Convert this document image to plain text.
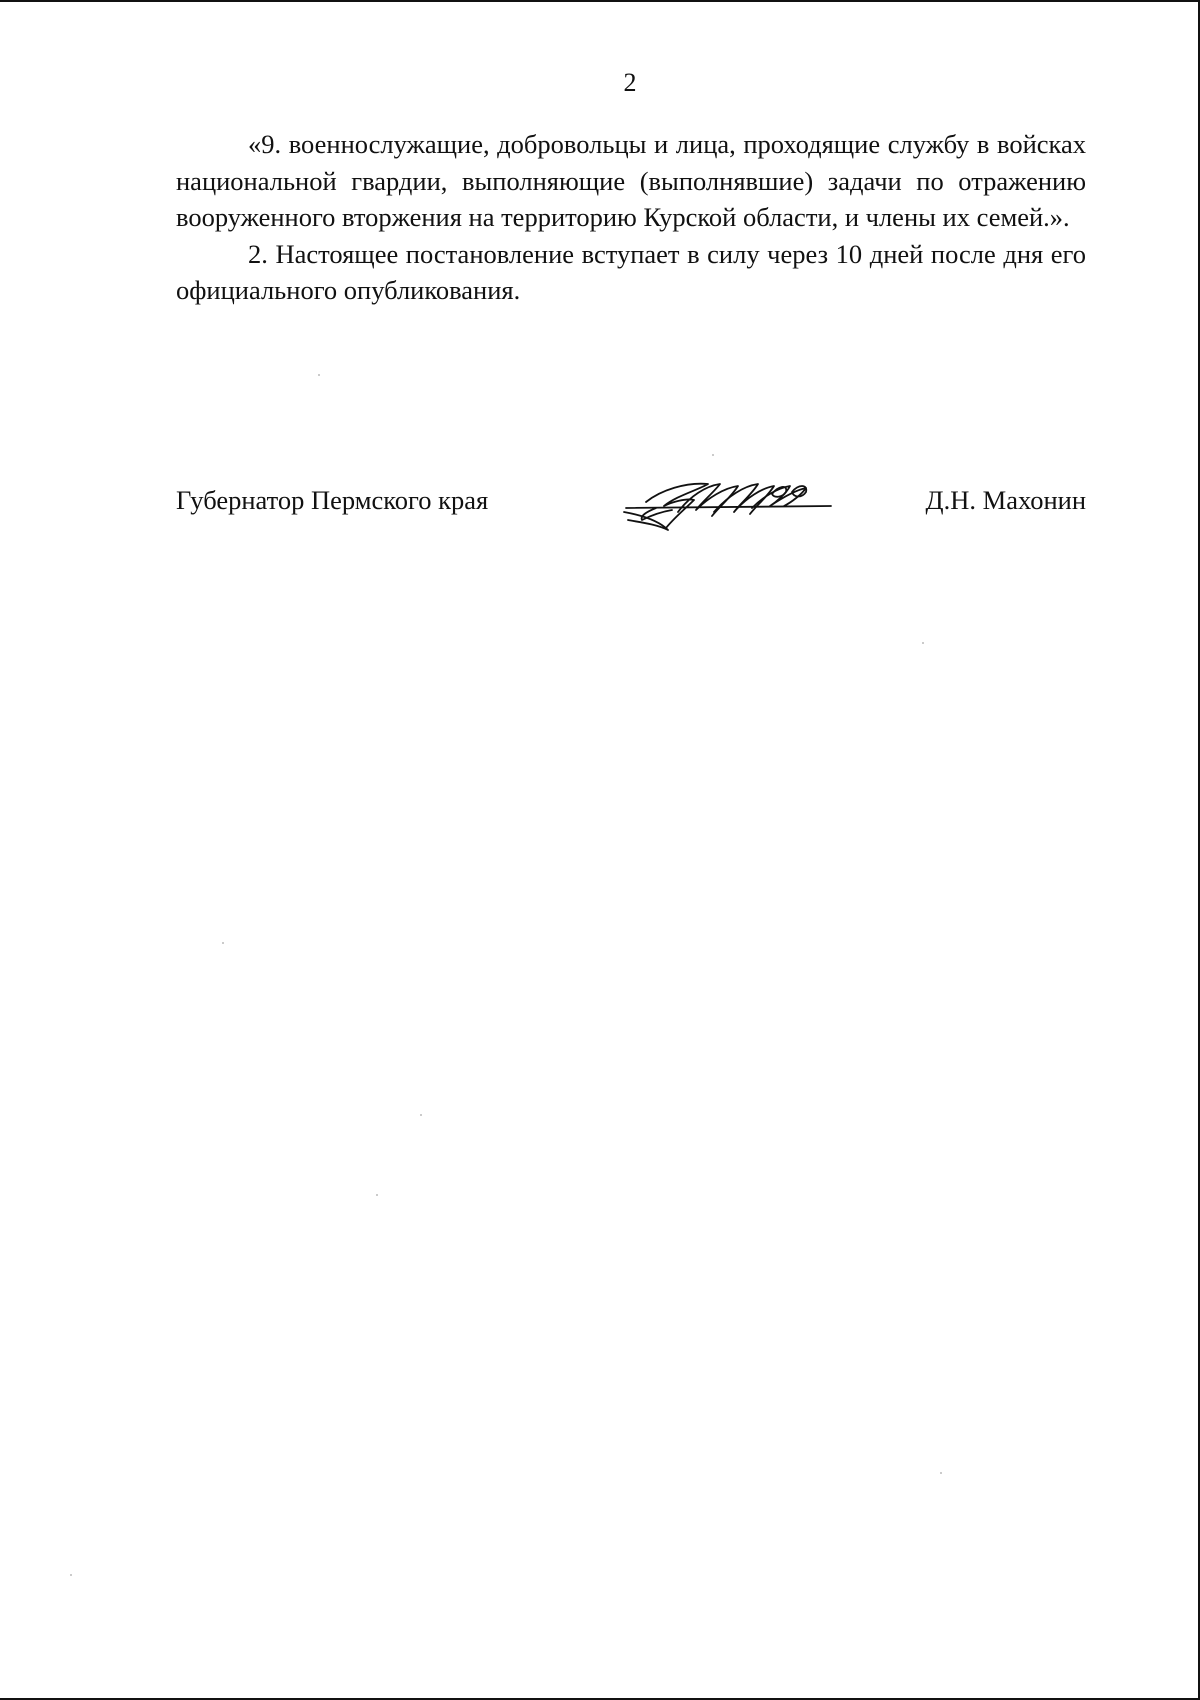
2

«9. военнослужащие, добровольцы и лица, проходящие службу в войсках национальной гвардии, выполняющие (выполнявшие) задачи по отражению вооруженного вторжения на территорию Курской области, и члены их семей.».

2. Настоящее постановление вступает в силу через 10 дней после дня его официального опубликования.

Губернатор Пермского края	Д.Н. Махонин
